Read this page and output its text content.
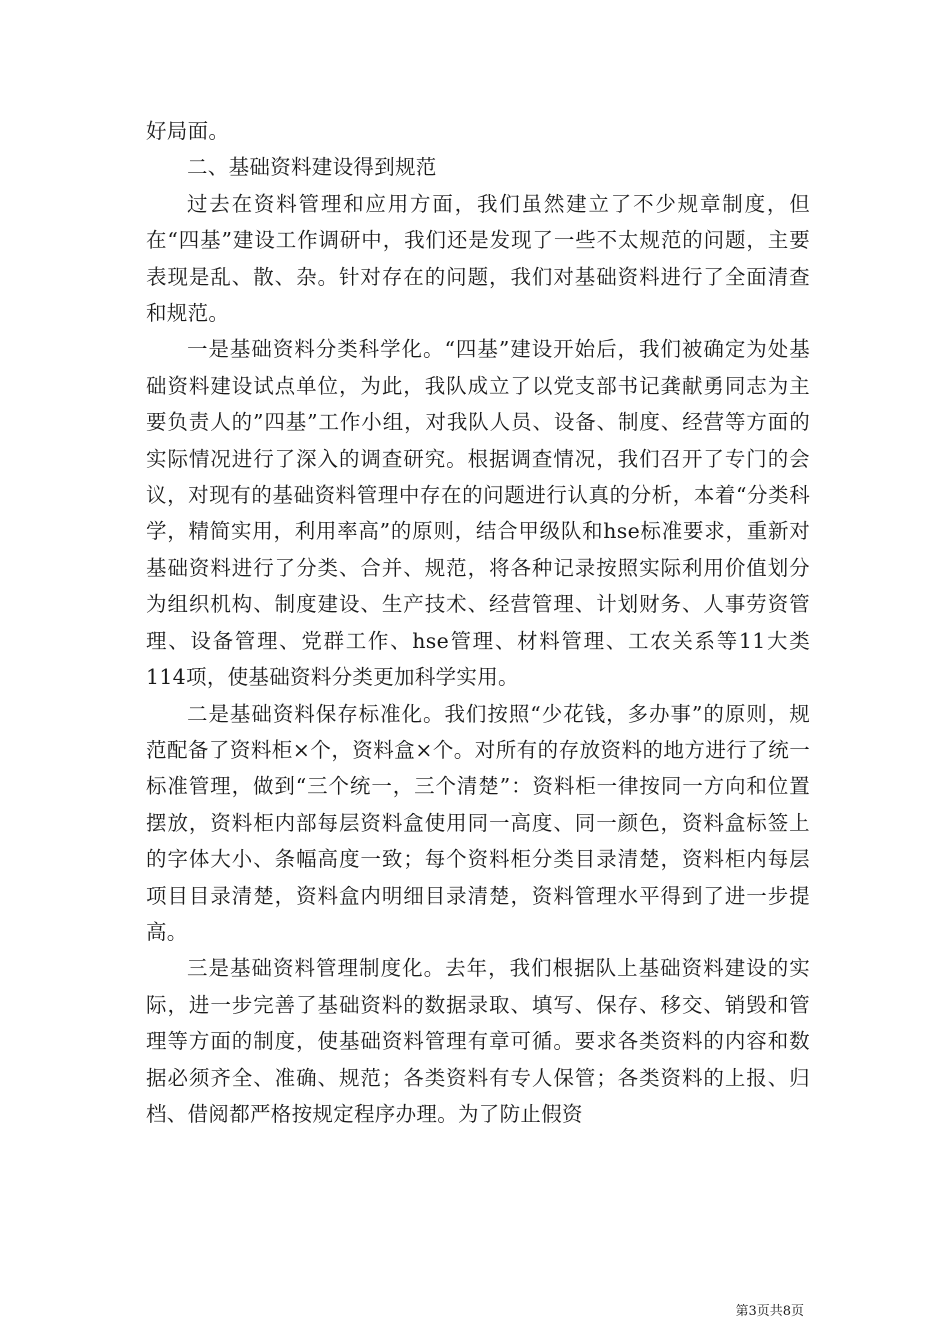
好局面。

二、基础资料建设得到规范

过去在资料管理和应用方面，我们虽然建立了不少规章制度，但在“四基”建设工作调研中，我们还是发现了一些不太规范的问题，主要表现是乱、散、杂。针对存在的问题，我们对基础资料进行了全面清查和规范。

一是基础资料分类科学化。“四基”建设开始后，我们被确定为处基础资料建设试点单位，为此，我队成立了以党支部书记龚献勇同志为主要负责人的”四基”工作小组，对我队人员、设备、制度、经营等方面的实际情况进行了深入的调查研究。根据调查情况，我们召开了专门的会议，对现有的基础资料管理中存在的问题进行认真的分析，本着“分类科学，精简实用，利用率高”的原则，结合甲级队和hse标准要求，重新对基础资料进行了分类、合并、规范，将各种记录按照实际利用价值划分为组织机构、制度建设、生产技术、经营管理、计划财务、人事劳资管理、设备管理、党群工作、hse管理、材料管理、工农关系等11大类114项，使基础资料分类更加科学实用。

二是基础资料保存标准化。我们按照“少花钱，多办事”的原则，规范配备了资料柜×个，资料盒×个。对所有的存放资料的地方进行了统一标准管理，做到“三个统一，三个清楚”：资料柜一律按同一方向和位置摆放，资料柜内部每层资料盒使用同一高度、同一颜色，资料盒标签上的字体大小、条幅高度一致；每个资料柜分类目录清楚，资料柜内每层项目目录清楚，资料盒内明细目录清楚，资料管理水平得到了进一步提高。

三是基础资料管理制度化。去年，我们根据队上基础资料建设的实际，进一步完善了基础资料的数据录取、填写、保存、移交、销毁和管理等方面的制度，使基础资料管理有章可循。要求各类资料的内容和数据必须齐全、准确、规范；各类资料有专人保管；各类资料的上报、归档、借阅都严格按规定程序办理。为了防止假资

第3页共8页
